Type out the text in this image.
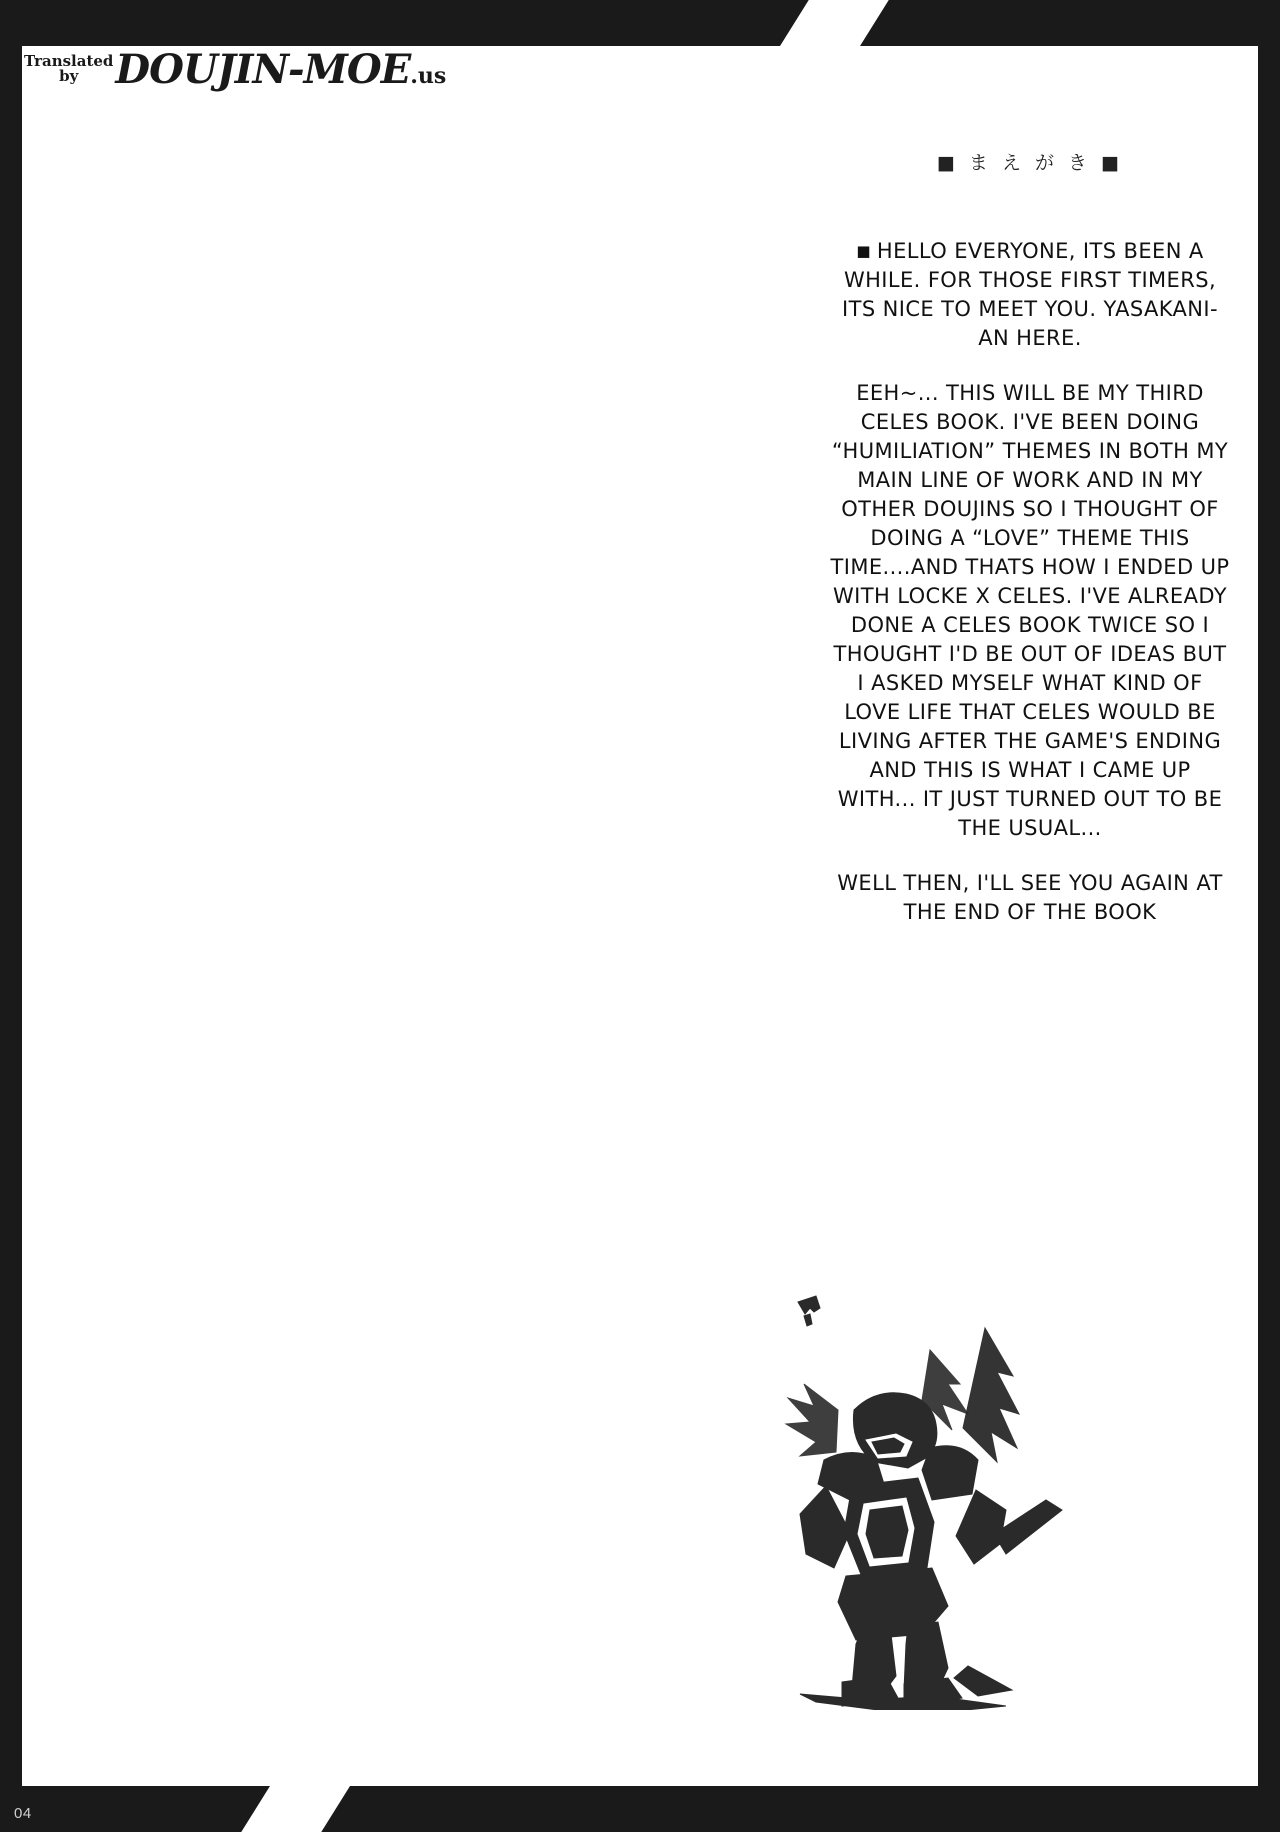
Translated
by DOUJIN-MOE .us
■ ま え が き ■

■ HELLO EVERYONE, ITS BEEN A WHILE. FOR THOSE FIRST TIMERS, ITS NICE TO MEET YOU. YASAKANI-AN HERE.

EEH~... THIS WILL BE MY THIRD CELES BOOK. I'VE BEEN DOING “HUMILIATION” THEMES IN BOTH MY MAIN LINE OF WORK AND IN MY OTHER DOUJINS SO I THOUGHT OF DOING A “LOVE” THEME THIS TIME....AND THATS HOW I ENDED UP WITH LOCKE X CELES. I'VE ALREADY DONE A CELES BOOK TWICE SO I THOUGHT I'D BE OUT OF IDEAS BUT I ASKED MYSELF WHAT KIND OF LOVE LIFE THAT CELES WOULD BE LIVING AFTER THE GAME'S ENDING AND THIS IS WHAT I CAME UP WITH... IT JUST TURNED OUT TO BE THE USUAL...

WELL THEN, I'LL SEE YOU AGAIN AT THE END OF THE BOOK

04
